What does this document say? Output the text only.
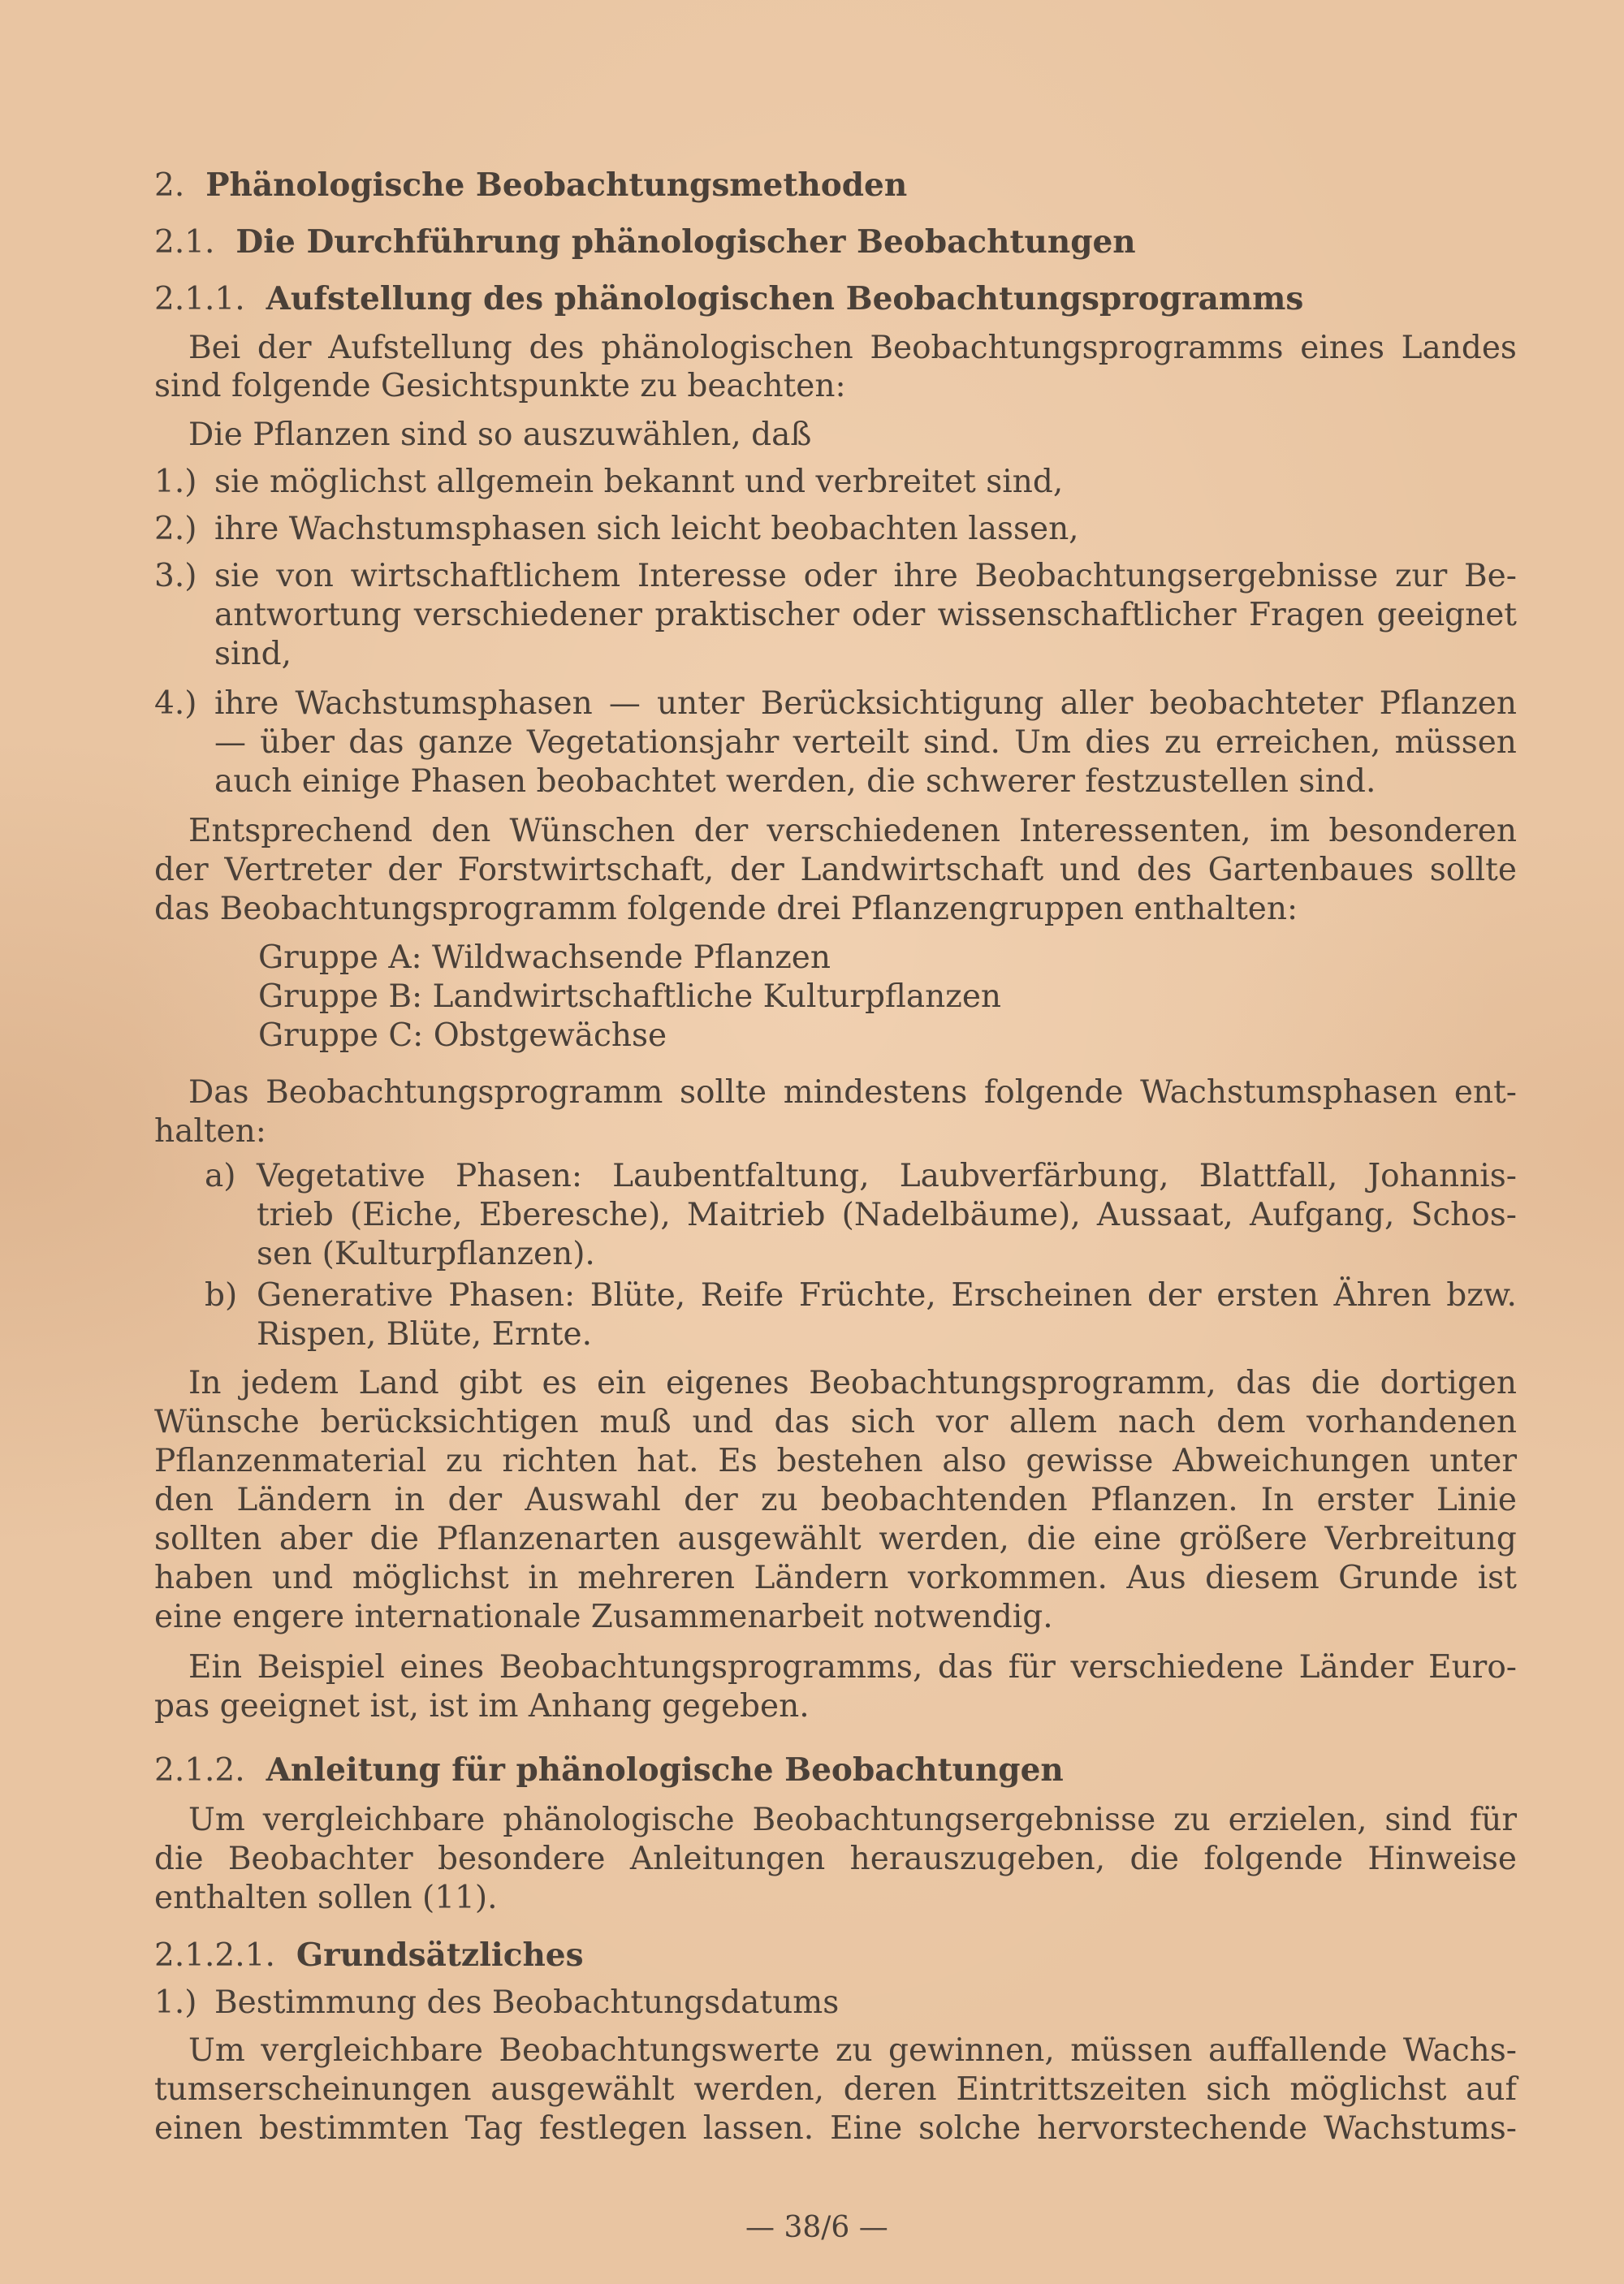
2. Phänologische Beobachtungsmethoden
2.1. Die Durchführung phänologischer Beobachtungen
2.1.1. Aufstellung des phänologischen Beobachtungsprogramms
Bei der Aufstellung des phänologischen Beobachtungsprogramms eines Landes
sind folgende Gesichtspunkte zu beachten:
Die Pflanzen sind so auszuwählen, daß
1.) sie möglichst allgemein bekannt und verbreitet sind,
2.) ihre Wachstumsphasen sich leicht beobachten lassen,
3.) sie von wirtschaftlichem Interesse oder ihre Beobachtungsergebnisse zur Be-
antwortung verschiedener praktischer oder wissenschaftlicher Fragen geeignet
sind,
4.) ihre Wachstumsphasen — unter Berücksichtigung aller beobachteter Pflanzen
— über das ganze Vegetationsjahr verteilt sind. Um dies zu erreichen, müssen
auch einige Phasen beobachtet werden, die schwerer festzustellen sind.
Entsprechend den Wünschen der verschiedenen Interessenten, im besonderen
der Vertreter der Forstwirtschaft, der Landwirtschaft und des Gartenbaues sollte
das Beobachtungsprogramm folgende drei Pflanzengruppen enthalten:
Gruppe A: Wildwachsende Pflanzen
Gruppe B: Landwirtschaftliche Kulturpflanzen
Gruppe C: Obstgewächse
Das Beobachtungsprogramm sollte mindestens folgende Wachstumsphasen ent-
halten:
a) Vegetative Phasen: Laubentfaltung, Laubverfärbung, Blattfall, Johannis-
trieb (Eiche, Eberesche), Maitrieb (Nadelbäume), Aussaat, Aufgang, Schos-
sen (Kulturpflanzen).
b) Generative Phasen: Blüte, Reife Früchte, Erscheinen der ersten Ähren bzw.
Rispen, Blüte, Ernte.
In jedem Land gibt es ein eigenes Beobachtungsprogramm, das die dortigen
Wünsche berücksichtigen muß und das sich vor allem nach dem vorhandenen
Pflanzenmaterial zu richten hat. Es bestehen also gewisse Abweichungen unter
den Ländern in der Auswahl der zu beobachtenden Pflanzen. In erster Linie
sollten aber die Pflanzenarten ausgewählt werden, die eine größere Verbreitung
haben und möglichst in mehreren Ländern vorkommen. Aus diesem Grunde ist
eine engere internationale Zusammenarbeit notwendig.
Ein Beispiel eines Beobachtungsprogramms, das für verschiedene Länder Euro-
pas geeignet ist, ist im Anhang gegeben.
2.1.2. Anleitung für phänologische Beobachtungen
Um vergleichbare phänologische Beobachtungsergebnisse zu erzielen, sind für
die Beobachter besondere Anleitungen herauszugeben, die folgende Hinweise
enthalten sollen (11).
2.1.2.1. Grundsätzliches
1.) Bestimmung des Beobachtungsdatums
Um vergleichbare Beobachtungswerte zu gewinnen, müssen auffallende Wachs-
tumserscheinungen ausgewählt werden, deren Eintrittszeiten sich möglichst auf
einen bestimmten Tag festlegen lassen. Eine solche hervorstechende Wachstums-
— 38/6 —
